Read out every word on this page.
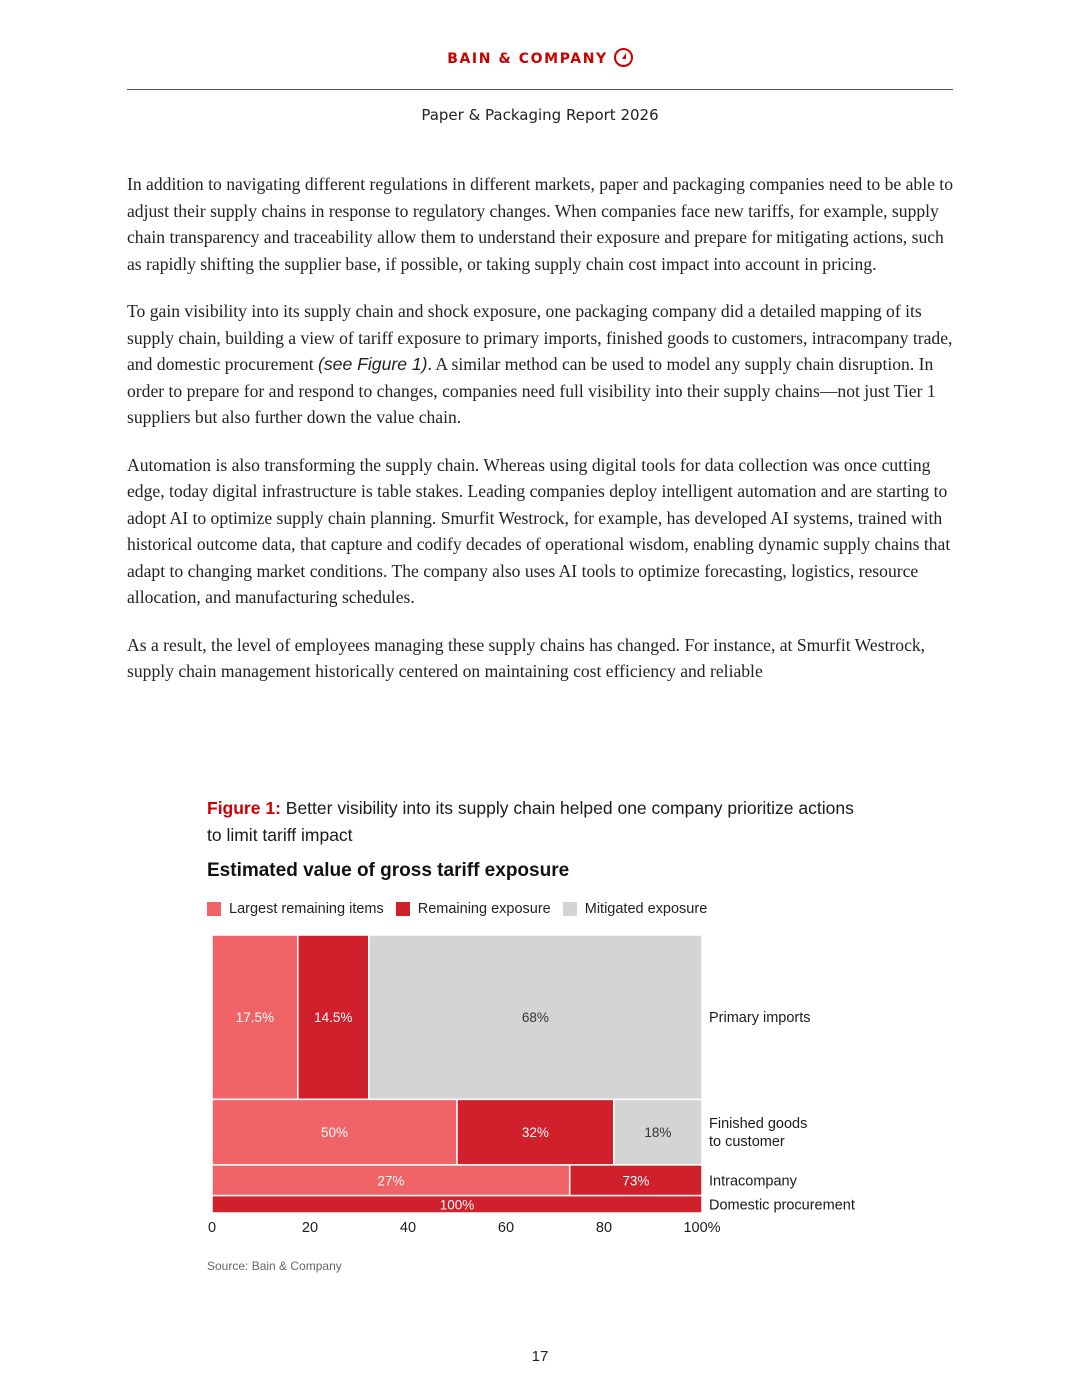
BAIN & COMPANY
Paper & Packaging Report 2026

In addition to navigating different regulations in different markets, paper and packaging companies need to be able to adjust their supply chains in response to regulatory changes. When companies face new tariffs, for example, supply chain transparency and traceability allow them to understand their exposure and prepare for mitigating actions, such as rapidly shifting the supplier base, if possible, or taking supply chain cost impact into account in pricing.

To gain visibility into its supply chain and shock exposure, one packaging company did a detailed mapping of its supply chain, building a view of tariff exposure to primary imports, finished goods to customers, intracompany trade, and domestic procurement (see Figure 1). A similar method can be used to model any supply chain disruption. In order to prepare for and respond to changes, companies need full visibility into their supply chains—not just Tier 1 suppliers but also further down the value chain.

Automation is also transforming the supply chain. Whereas using digital tools for data collection was once cutting edge, today digital infrastructure is table stakes. Leading companies deploy intelligent automation and are starting to adopt AI to optimize supply chain planning. Smurfit Westrock, for example, has developed AI systems, trained with historical outcome data, that capture and codify decades of operational wisdom, enabling dynamic supply chains that adapt to changing market conditions. The company also uses AI tools to optimize forecasting, logistics, resource allocation, and manufacturing schedules.

As a result, the level of employees managing these supply chains has changed. For instance, at Smurfit Westrock, supply chain management historically centered on maintaining cost efficiency and reliable

Figure 1: Better visibility into its supply chain helped one company prioritize actions to limit tariff impact
Estimated value of gross tariff exposure
Largest remaining items Remaining exposure Mitigated exposure
17.5%	14.5%	68%	Primary imports
50%	32%	18%
Finished goods
to customer
27%	73%	Intracompany
100%	Domestic procurement
0	20	40	60	80	100%
Source: Bain & Company
17
